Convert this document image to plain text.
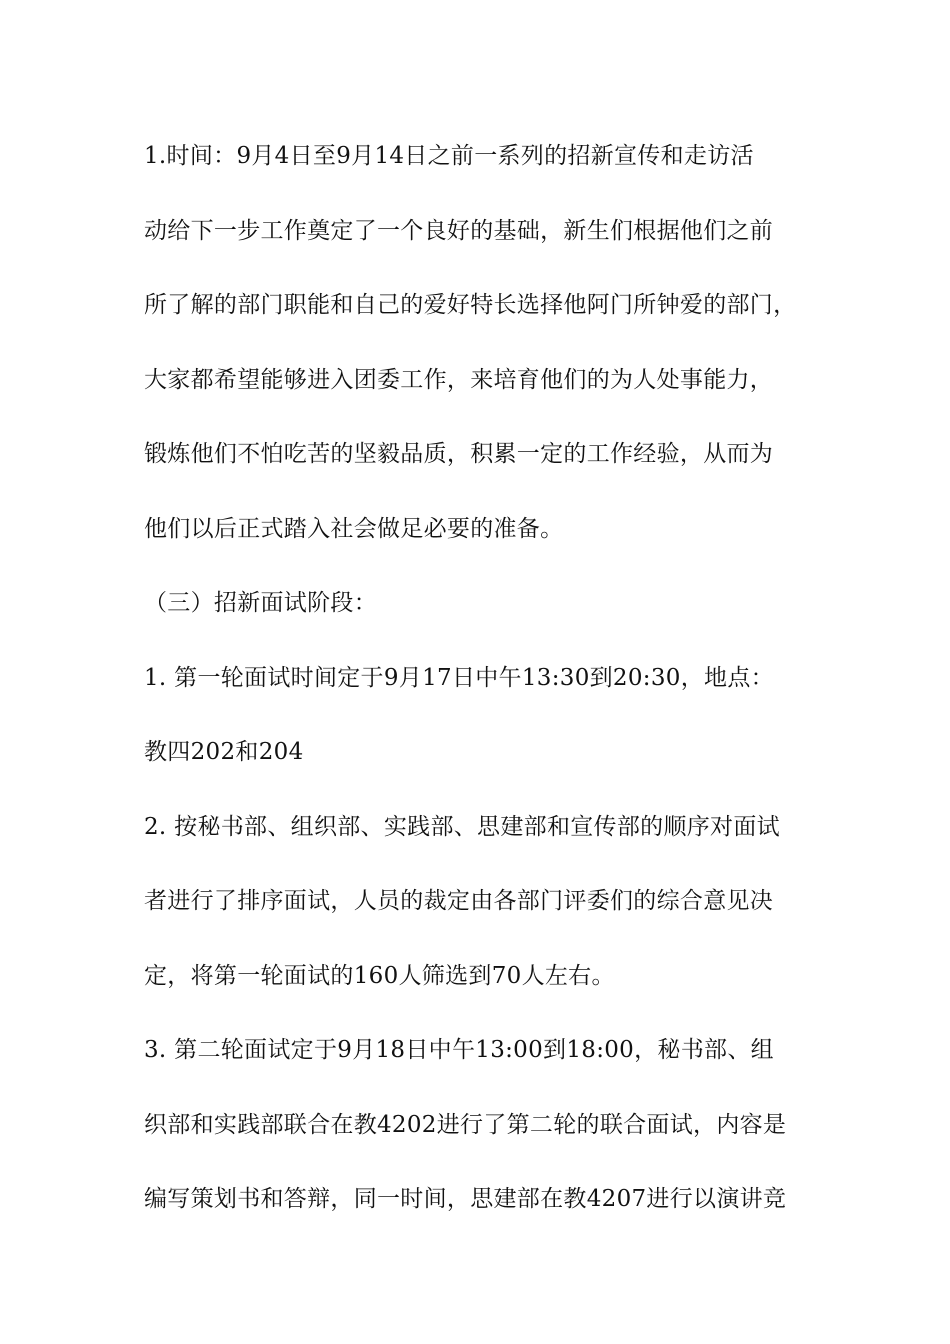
1.时间：9月4日至9月14日之前一系列的招新宣传和走访活
动给下一步工作奠定了一个良好的基础，新生们根据他们之前
所了解的部门职能和自己的爱好特长选择他阿门所钟爱的部门，
大家都希望能够进入团委工作，来培育他们的为人处事能力，
锻炼他们不怕吃苦的坚毅品质，积累一定的工作经验，从而为
他们以后正式踏入社会做足必要的准备。
（三）招新面试阶段：
1. 第一轮面试时间定于9月17日中午13:30到20:30，地点：
教四202和204
2. 按秘书部、组织部、实践部、思建部和宣传部的顺序对面试
者进行了排序面试，人员的裁定由各部门评委们的综合意见决
定，将第一轮面试的160人筛选到70人左右。
3. 第二轮面试定于9月18日中午13:00到18:00，秘书部、组
织部和实践部联合在教4202进行了第二轮的联合面试，内容是
编写策划书和答辩，同一时间，思建部在教4207进行以演讲竞
